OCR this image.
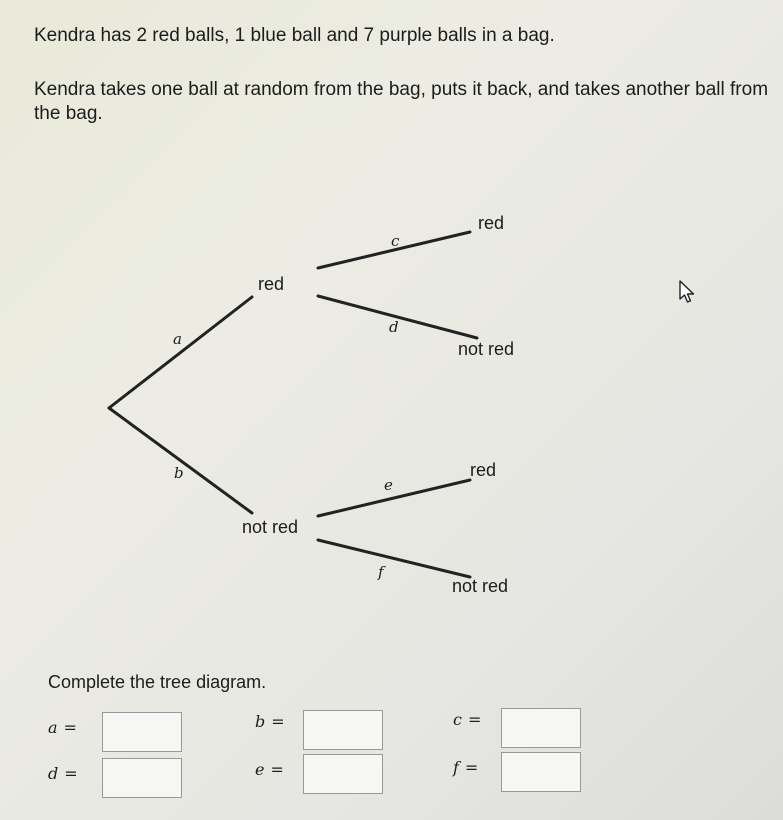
Kendra has 2 red balls, 1 blue ball and 7 purple balls in a bag.

Kendra takes one ball at random from the bag, puts it back, and takes another ball from the bag.

red
not red
red
not red
red
not red
a
b
c
d
e
f

Complete the tree diagram.

a =	b =	c =
d =	e =	f =
